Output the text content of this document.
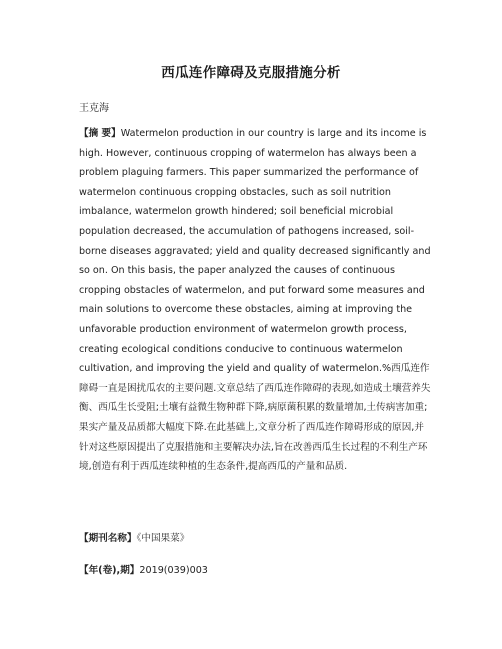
西瓜连作障碍及克服措施分析
王克海

【摘 要】Watermelon production in our country is large and its income is high. However, continuous cropping of watermelon has always been a problem plaguing farmers. This paper summarized the performance of watermelon continuous cropping obstacles, such as soil nutrition imbalance, watermelon growth hindered; soil beneficial microbial population decreased, the accumulation of pathogens increased, soil-borne diseases aggravated; yield and quality decreased significantly and so on. On this basis, the paper analyzed the causes of continuous cropping obstacles of watermelon, and put forward some measures and main solutions to overcome these obstacles, aiming at improving the unfavorable production environment of watermelon growth process, creating ecological conditions conducive to continuous watermelon cultivation, and improving the yield and quality of watermelon.%西瓜连作障碍一直是困扰瓜农的主要问题.文章总结了西瓜连作障碍的表现,如造成土壤营养失衡、西瓜生长受阻;土壤有益微生物种群下降,病原菌积累的数量增加,土传病害加重;果实产量及品质都大幅度下降.在此基础上,文章分析了西瓜连作障碍形成的原因,并针对这些原因提出了克服措施和主要解决办法,旨在改善西瓜生长过程的不利生产环境,创造有利于西瓜连续种植的生态条件,提高西瓜的产量和品质.

【期刊名称】《中国果菜》
【年(卷),期】2019(039)003
